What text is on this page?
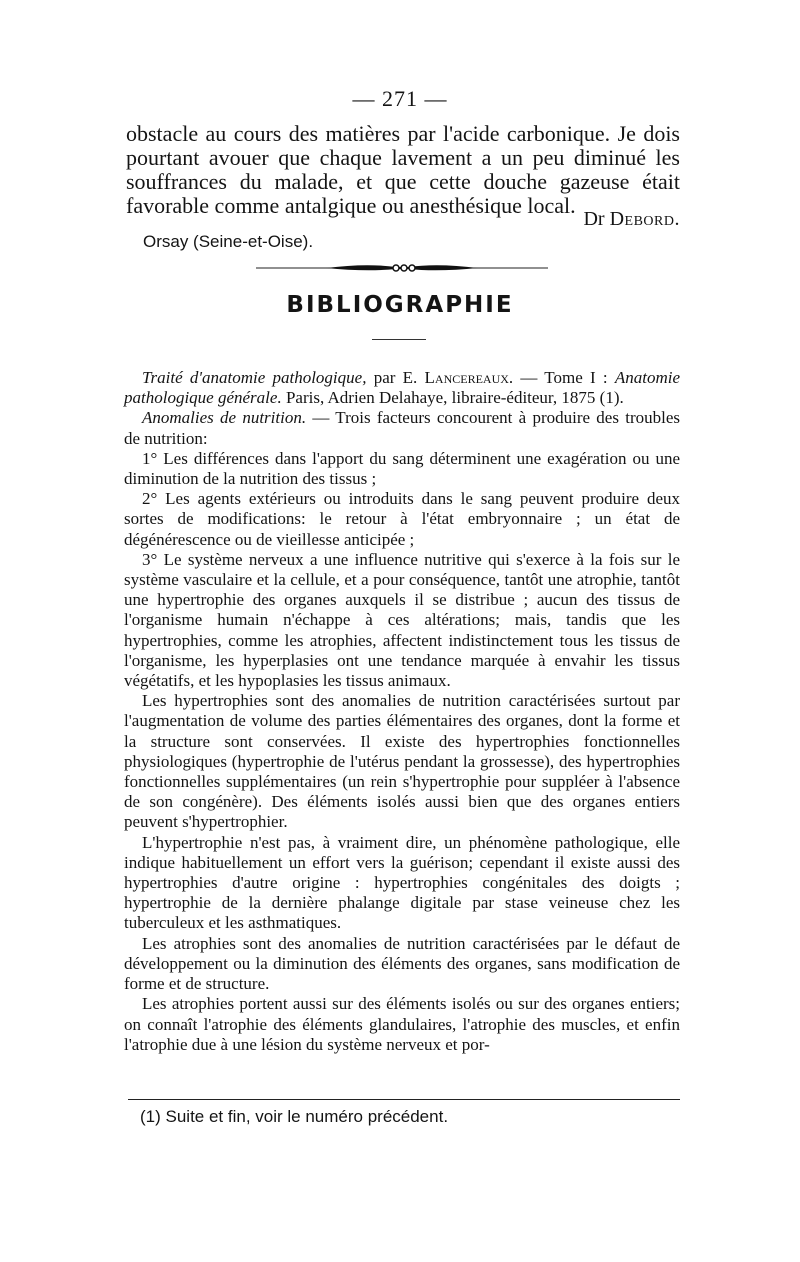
— 271 —
obstacle au cours des matières par l'acide carbonique. Je dois pourtant avouer que chaque lavement a un peu diminué les souffrances du malade, et que cette douche gazeuse était favorable comme antalgique ou anesthésique local.
Dr Debord.
Orsay (Seine-et-Oise).
BIBLIOGRAPHIE

Traité d'anatomie pathologique, par E. Lancereaux. — Tome I : Anatomie pathologique générale. Paris, Adrien Delahaye, libraire-éditeur, 1875 (1).

Anomalies de nutrition. — Trois facteurs concourent à produire des troubles de nutrition:

1° Les différences dans l'apport du sang déterminent une exagération ou une diminution de la nutrition des tissus ;

2° Les agents extérieurs ou introduits dans le sang peuvent produire deux sortes de modifications: le retour à l'état embryonnaire ; un état de dégénérescence ou de vieillesse anticipée ;

3° Le système nerveux a une influence nutritive qui s'exerce à la fois sur le système vasculaire et la cellule, et a pour conséquence, tantôt une atrophie, tantôt une hypertrophie des organes auxquels il se distribue ; aucun des tissus de l'organisme humain n'échappe à ces altérations; mais, tandis que les hypertrophies, comme les atrophies, affectent indistinctement tous les tissus de l'organisme, les hyperplasies ont une tendance marquée à envahir les tissus végétatifs, et les hypoplasies les tissus animaux.

Les hypertrophies sont des anomalies de nutrition caractérisées surtout par l'augmentation de volume des parties élémentaires des organes, dont la forme et la structure sont conservées. Il existe des hypertrophies fonctionnelles physiologiques (hypertrophie de l'utérus pendant la grossesse), des hypertrophies fonctionnelles supplémentaires (un rein s'hypertrophie pour suppléer à l'absence de son congénère). Des éléments isolés aussi bien que des organes entiers peuvent s'hypertrophier.

L'hypertrophie n'est pas, à vraiment dire, un phénomène pathologique, elle indique habituellement un effort vers la guérison; cependant il existe aussi des hypertrophies d'autre origine : hypertrophies congénitales des doigts ; hypertrophie de la dernière phalange digitale par stase veineuse chez les tuberculeux et les asthmatiques.

Les atrophies sont des anomalies de nutrition caractérisées par le défaut de développement ou la diminution des éléments des organes, sans modification de forme et de structure.

Les atrophies portent aussi sur des éléments isolés ou sur des organes entiers; on connaît l'atrophie des éléments glandulaires, l'atrophie des muscles, et enfin l'atrophie due à une lésion du système nerveux et por-

(1) Suite et fin, voir le numéro précédent.
